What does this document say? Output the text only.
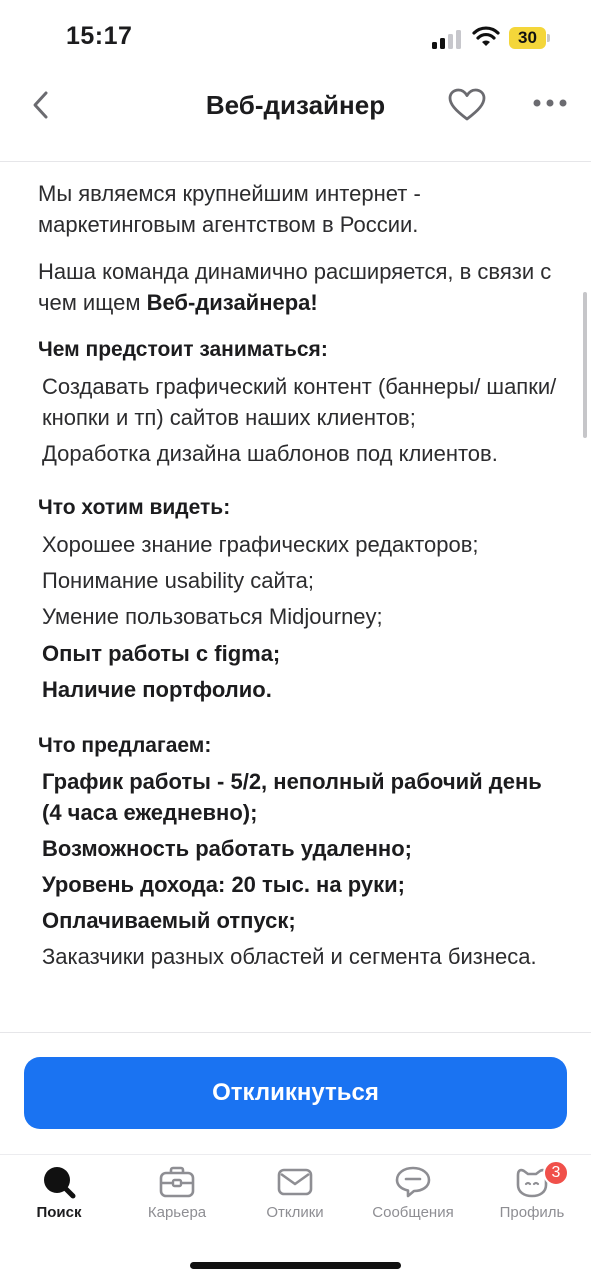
15:17	30
Веб-дизайнер
Мы являемся крупнейшим интернет - маркетинговым агентством в России.
Наша команда динамично расширяется, в связи с чем ищем Веб-дизайнера!
Чем предстоит заниматься:
Создавать графический контент (баннеры/ шапки/ кнопки и тп) сайтов наших клиентов;
Доработка дизайна шаблонов под клиентов.
Что хотим видеть:
Хорошее знание графических редакторов;
Понимание usability сайта;
Умение пользоваться Midjourney;
Опыт работы с figma;
Наличие портфолио.
Что предлагаем:
График работы - 5/2, неполный рабочий день (4 часа ежедневно);
Возможность работать удаленно;
Уровень дохода: 20 тыс. на руки;
Оплачиваемый отпуск;
Заказчики разных областей и сегмента бизнеса.
Откликнуться
Поиск	Карьера	Отклики	Сообщения
3
Профиль
